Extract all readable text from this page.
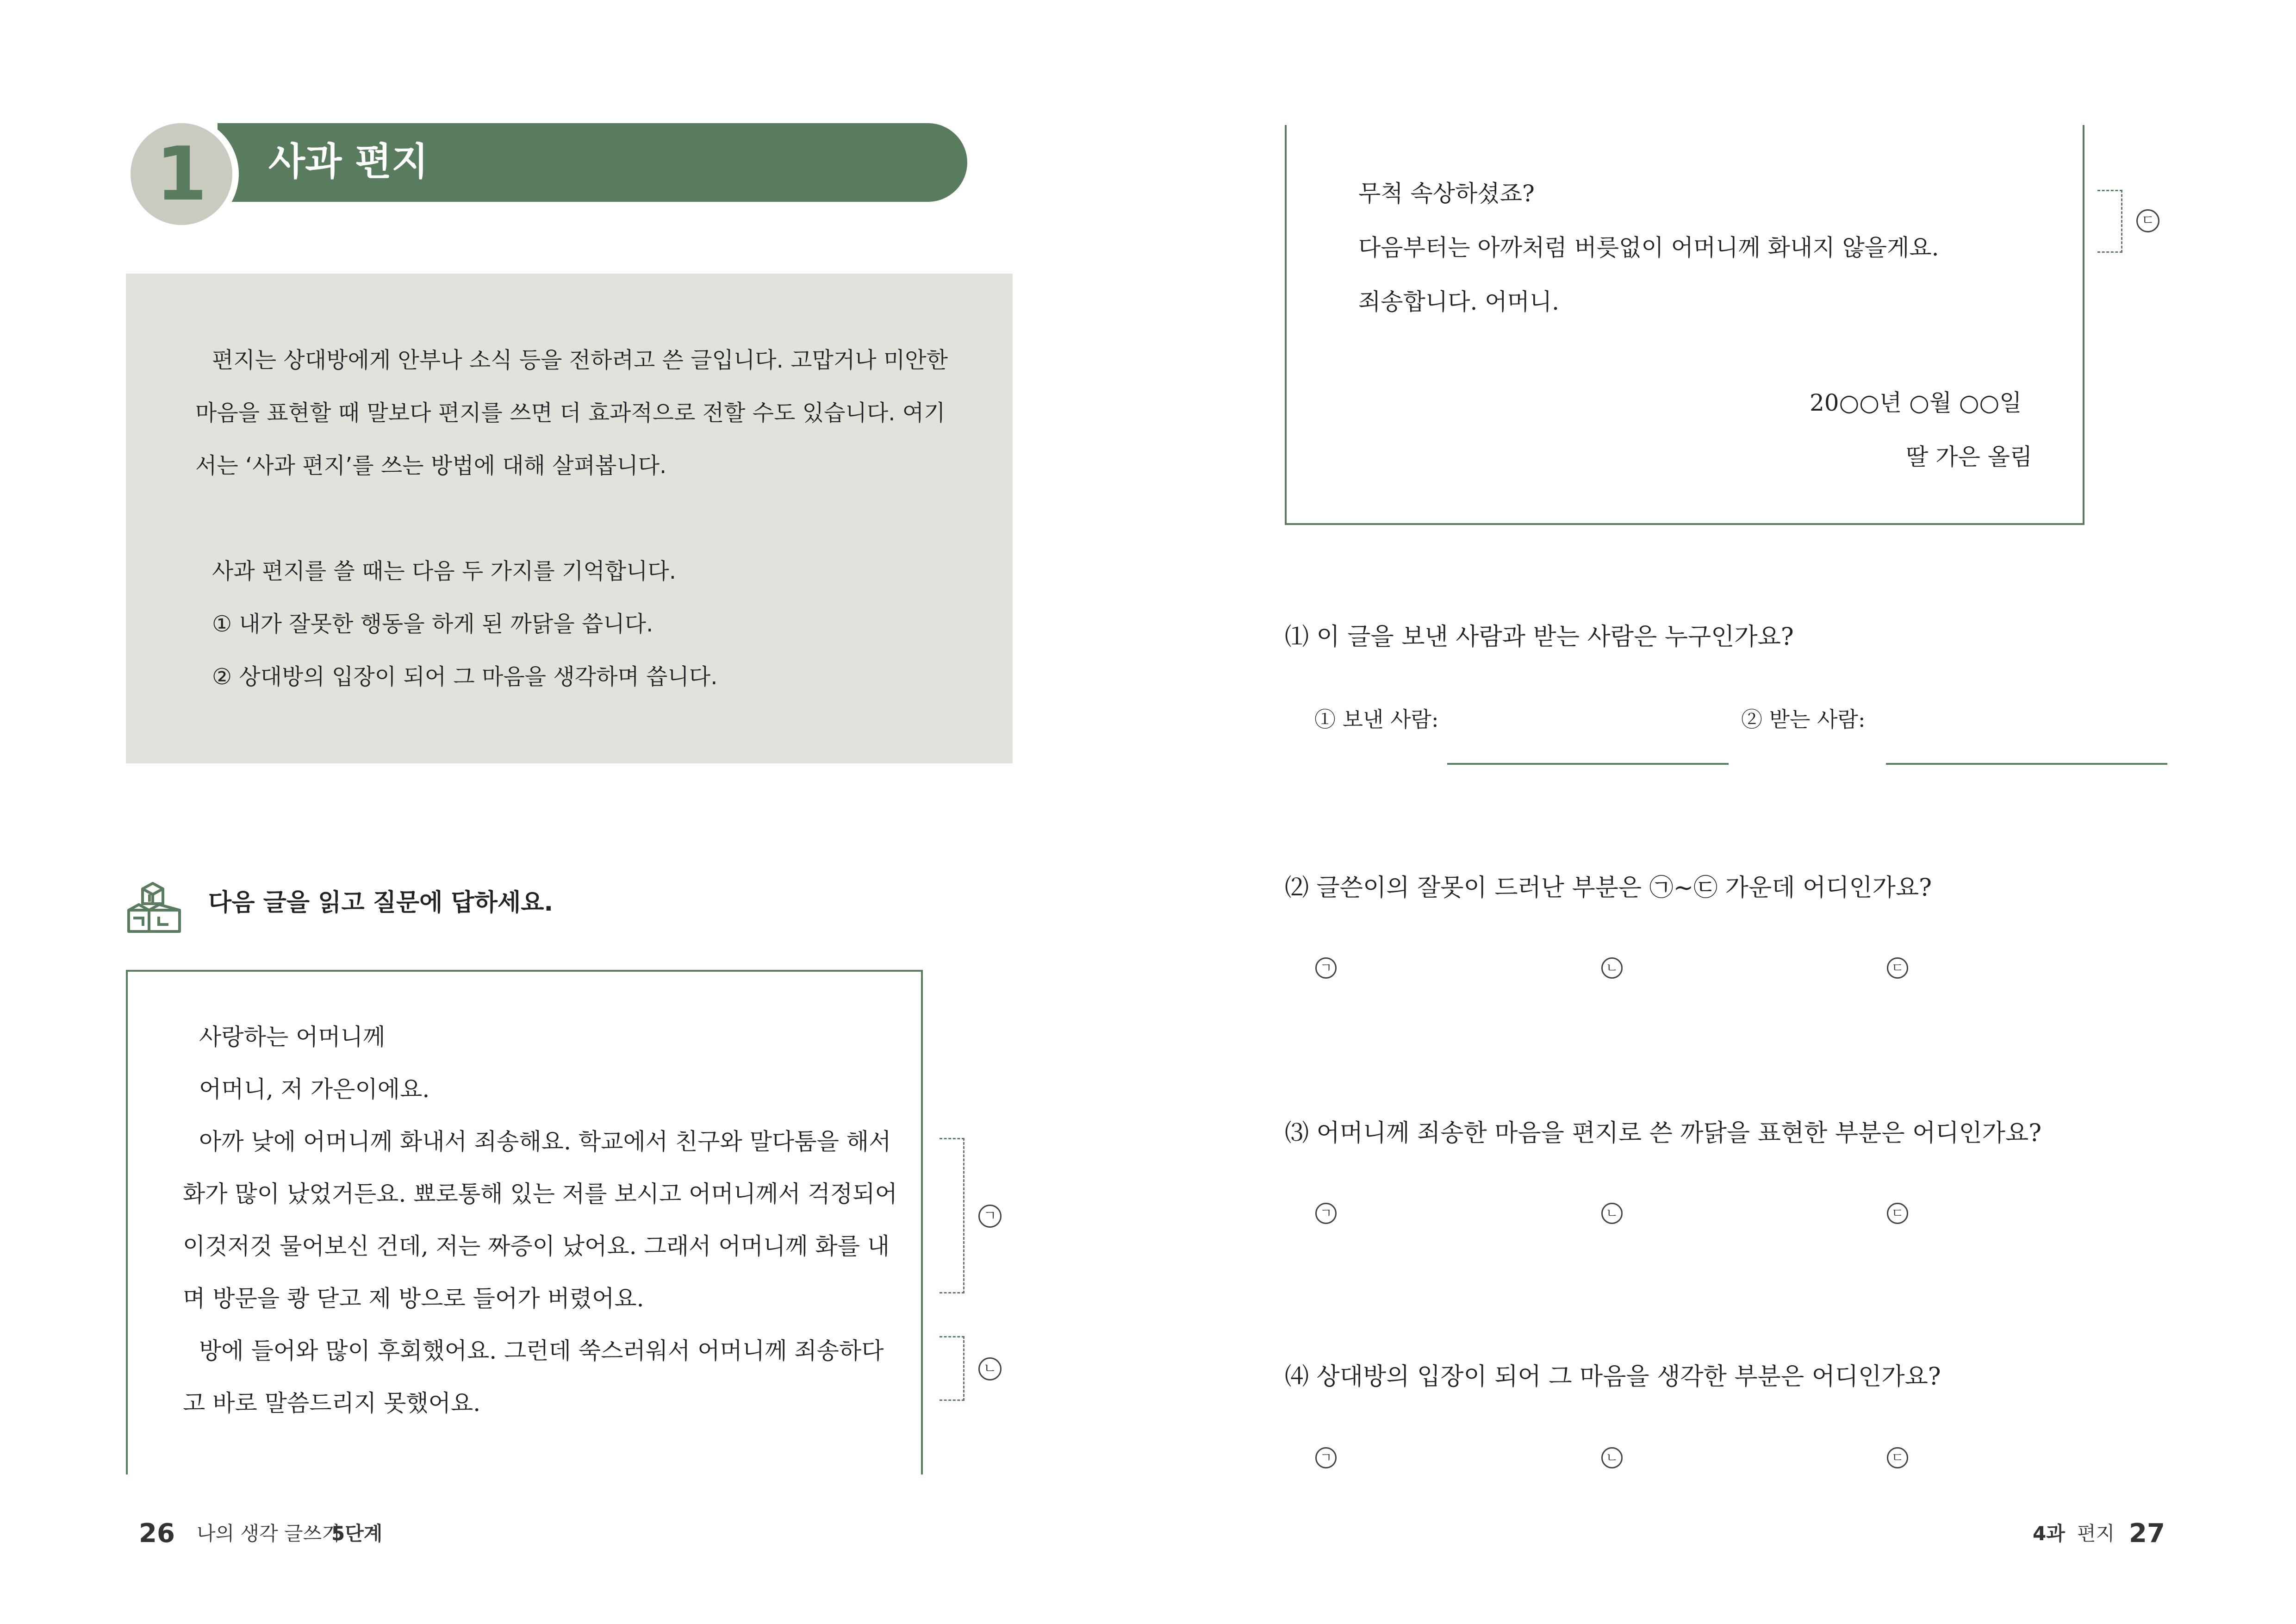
1	사과 편지
편지는 상대방에게 안부나 소식 등을 전하려고 쓴 글입니다. 고맙거나 미안한
마음을 표현할 때 말보다 편지를 쓰면 더 효과적으로 전할 수도 있습니다. 여기
서는 ‘사과 편지’를 쓰는 방법에 대해 살펴봅니다.
사과 편지를 쓸 때는 다음 두 가지를 기억합니다.
① 내가 잘못한 행동을 하게 된 까닭을 씁니다.
② 상대방의 입장이 되어 그 마음을 생각하며 씁니다.
다음 글을 읽고 질문에 답하세요.
사랑하는 어머니께
어머니, 저 가은이에요.
아까 낮에 어머니께 화내서 죄송해요. 학교에서 친구와 말다툼을 해서
화가 많이 났었거든요. 뾰로통해 있는 저를 보시고 어머니께서 걱정되어
이것저것 물어보신 건데, 저는 짜증이 났어요. 그래서 어머니께 화를 내
며 방문을 쾅 닫고 제 방으로 들어가 버렸어요.
방에 들어와 많이 후회했어요. 그런데 쑥스러워서 어머니께 죄송하다
고 바로 말씀드리지 못했어요.
ㄱ
ㄴ
26 나의 생각 글쓰기
5단계
무척 속상하셨죠?
다음부터는 아까처럼 버릇없이 어머니께 화내지 않을게요.
죄송합니다. 어머니.
20○○년 ○월 ○○일
딸 가은 올림
ㄷ
⑴ 이 글을 보낸 사람과 받는 사람은 누구인가요?
① 보낸 사람:	② 받는 사람:
⑵ 글쓴이의 잘못이 드러난 부분은 ㉠~㉢ 가운데 어디인가요?
ㄱ	ㄴ	ㄷ
⑶ 어머니께 죄송한 마음을 편지로 쓴 까닭을 표현한 부분은 어디인가요?
ㄱ	ㄴ	ㄷ
⑷ 상대방의 입장이 되어 그 마음을 생각한 부분은 어디인가요?
ㄱ	ㄴ	ㄷ
4과 편지 27
